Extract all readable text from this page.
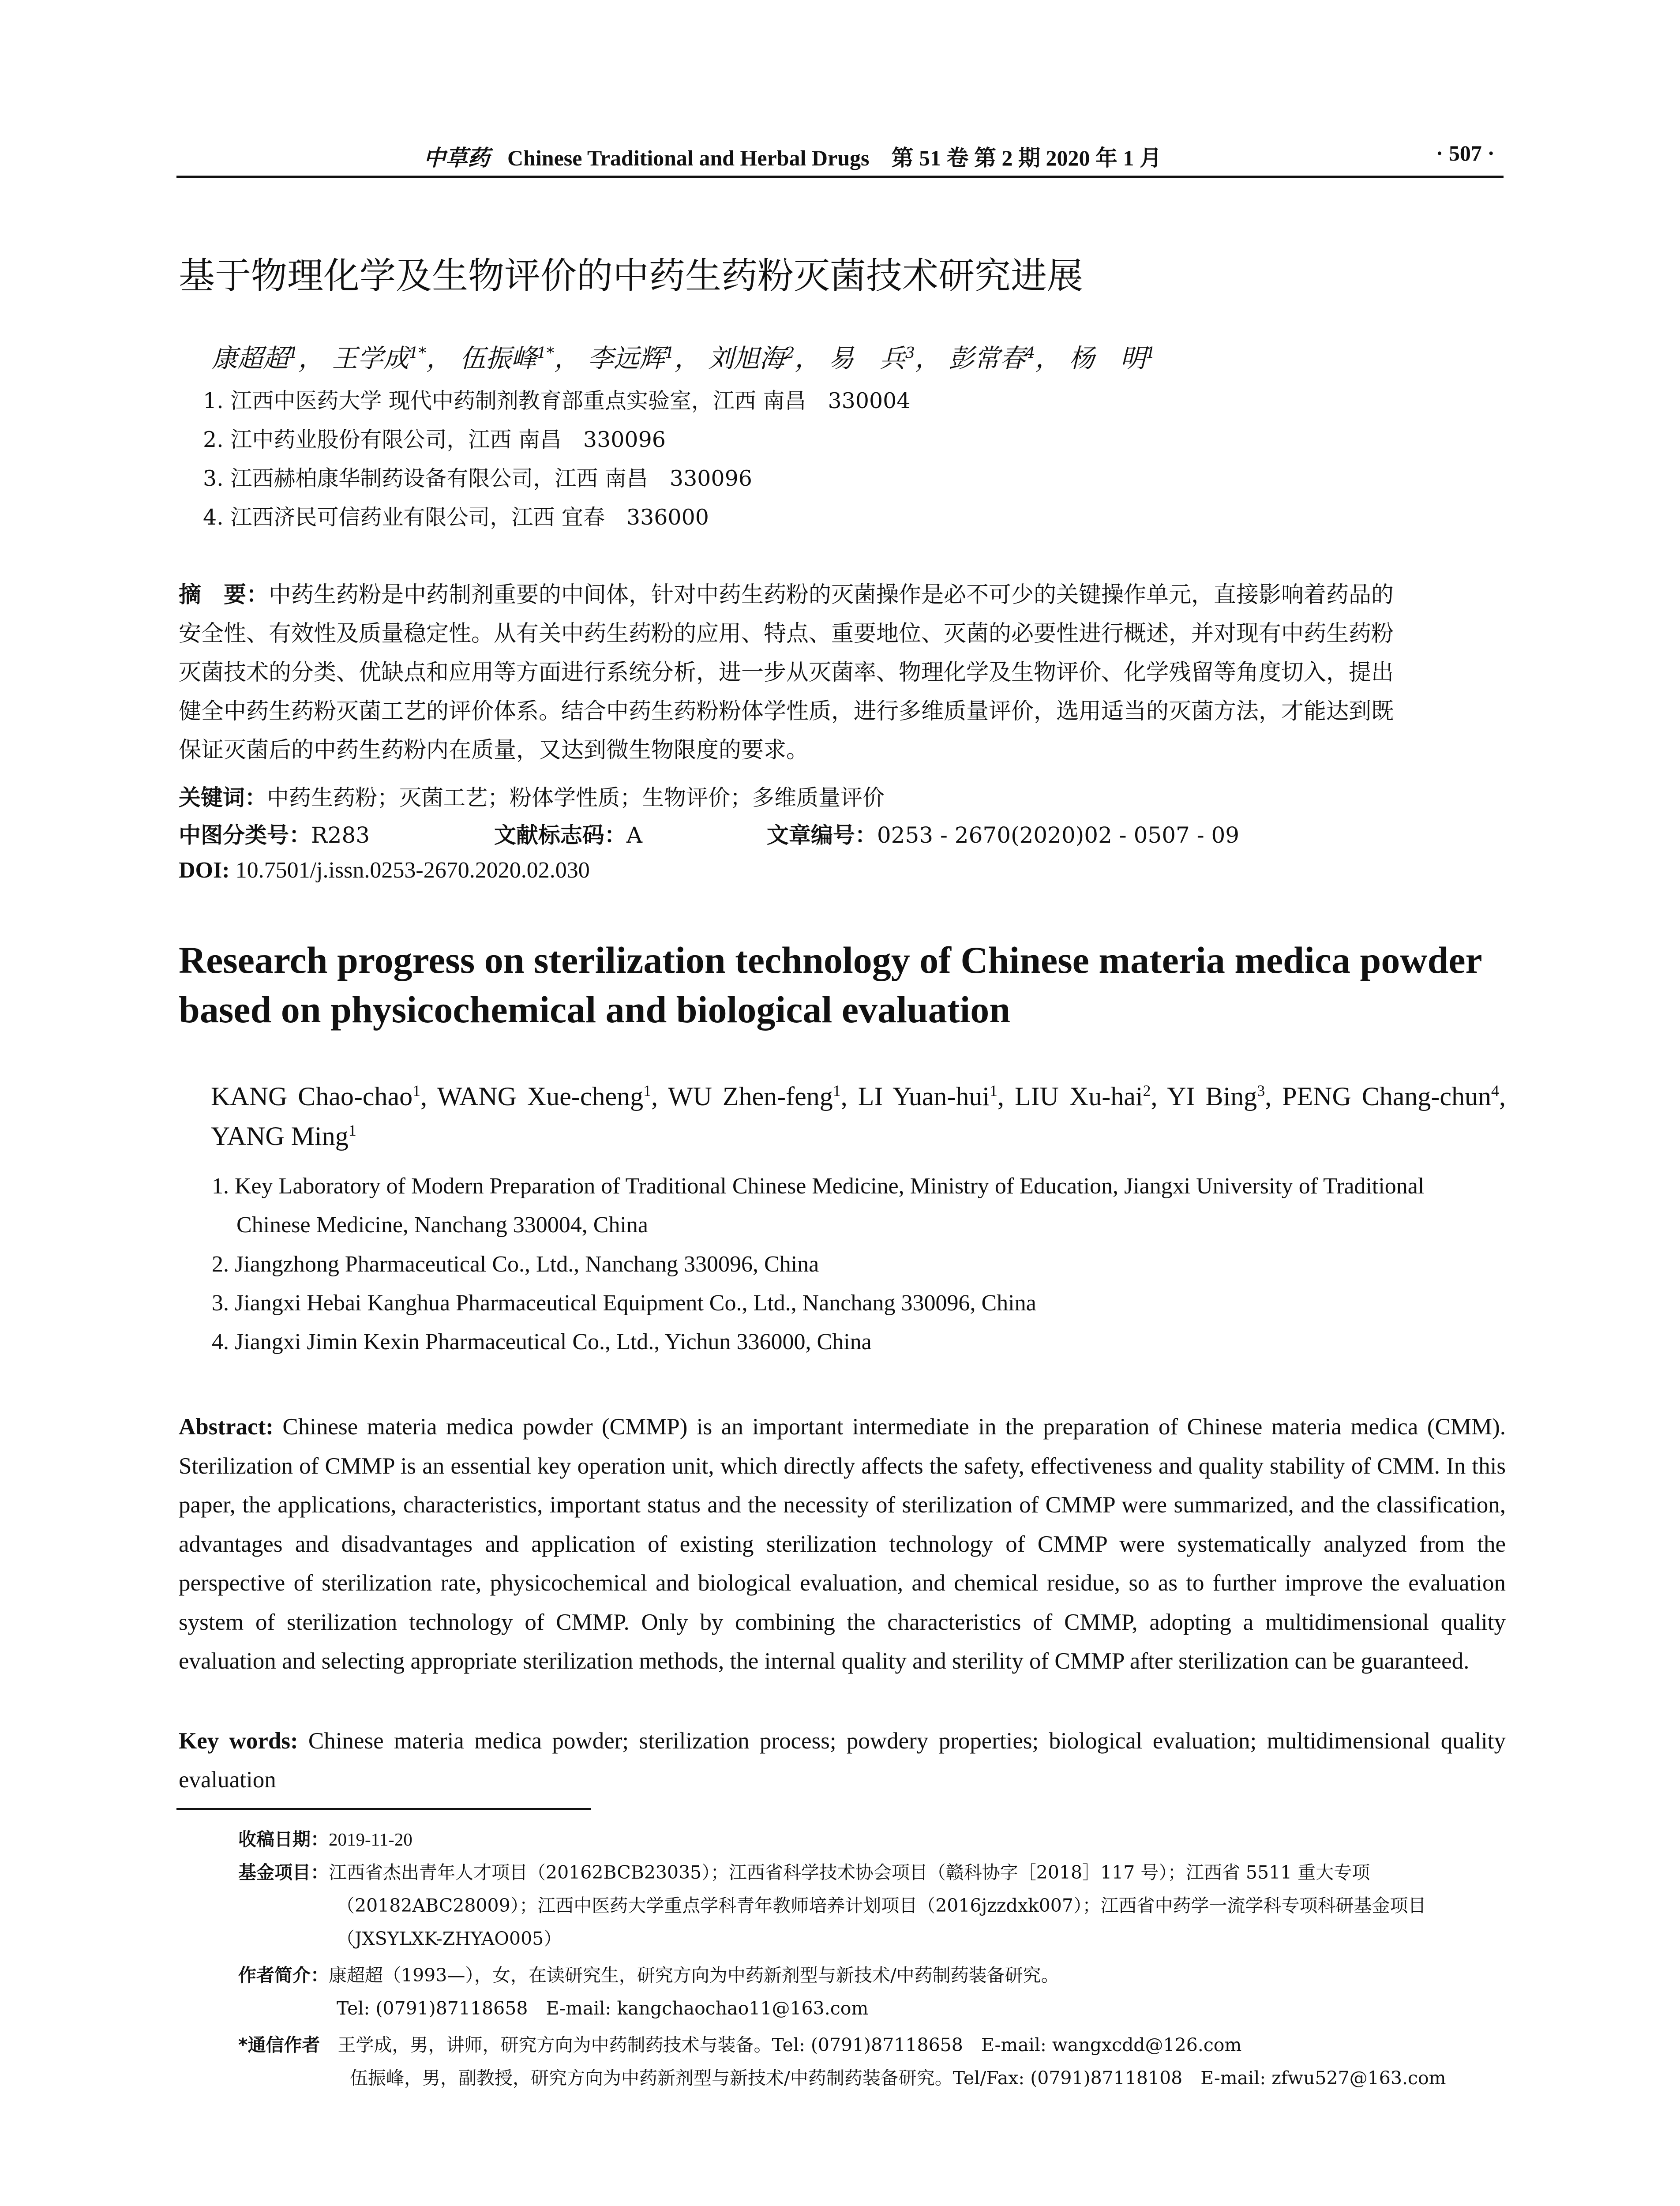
中草药 Chinese Traditional and Herbal Drugs　第 51 卷 第 2 期 2020 年 1 月	· 507 ·
基于物理化学及生物评价的中药生药粉灭菌技术研究进展
康超超$^1$， 王学成$^{1*}$， 伍振峰$^{1*}$， 李远辉$^1$， 刘旭海$^2$， 易　兵$^3$， 彭常春$^4$， 杨　明$^1$
1. 江西中医药大学 现代中药制剂教育部重点实验室，江西 南昌　330004
2. 江中药业股份有限公司，江西 南昌　330096
3. 江西赫柏康华制药设备有限公司，江西 南昌　330096
4. 江西济民可信药业有限公司，江西 宜春　336000
摘　要：中药生药粉是中药制剂重要的中间体，针对中药生药粉的灭菌操作是必不可少的关键操作单元，直接影响着药品的
安全性、有效性及质量稳定性。从有关中药生药粉的应用、特点、重要地位、灭菌的必要性进行概述，并对现有中药生药粉
灭菌技术的分类、优缺点和应用等方面进行系统分析，进一步从灭菌率、物理化学及生物评价、化学残留等角度切入，提出
健全中药生药粉灭菌工艺的评价体系。结合中药生药粉粉体学性质，进行多维质量评价，选用适当的灭菌方法，才能达到既
保证灭菌后的中药生药粉内在质量，又达到微生物限度的要求。
关键词：中药生药粉；灭菌工艺；粉体学性质；生物评价；多维质量评价
中图分类号：R283	文献标志码：A	文章编号：0253 - 2670(2020)02 - 0507 - 09
DOI: 10.7501/j.issn.0253-2670.2020.02.030
Research progress on sterilization technology of Chinese materia medica powder based on physicochemical and biological evaluation
KANG Chao-chao$^1$, WANG Xue-cheng$^1$, WU Zhen-feng$^1$, LI Yuan-hui$^1$, LIU Xu-hai$^2$, YI Bing$^3$, PENG Chang-chun$^4$, YANG Ming$^1$
1. Key Laboratory of Modern Preparation of Traditional Chinese Medicine, Ministry of Education, Jiangxi University of Traditional
Chinese Medicine, Nanchang 330004, China
2. Jiangzhong Pharmaceutical Co., Ltd., Nanchang 330096, China
3. Jiangxi Hebai Kanghua Pharmaceutical Equipment Co., Ltd., Nanchang 330096, China
4. Jiangxi Jimin Kexin Pharmaceutical Co., Ltd., Yichun 336000, China
Abstract: Chinese materia medica powder (CMMP) is an important intermediate in the preparation of Chinese materia medica (CMM). Sterilization of CMMP is an essential key operation unit, which directly affects the safety, effectiveness and quality stability of CMM. In this paper, the applications, characteristics, important status and the necessity of sterilization of CMMP were summarized, and the classification, advantages and disadvantages and application of existing sterilization technology of CMMP were systematically analyzed from the perspective of sterilization rate, physicochemical and biological evaluation, and chemical residue, so as to further improve the evaluation system of sterilization technology of CMMP. Only by combining the characteristics of CMMP, adopting a multidimensional quality evaluation and selecting appropriate sterilization methods, the internal quality and sterility of CMMP after sterilization can be guaranteed.
Key words: Chinese materia medica powder; sterilization process; powdery properties; biological evaluation; multidimensional quality evaluation
收稿日期：2019-11-20
基金项目：江西省杰出青年人才项目（20162BCB23035）；江西省科学技术协会项目（赣科协字［2018］117 号）；江西省 5511 重大专项
（20182ABC28009）；江西中医药大学重点学科青年教师培养计划项目（2016jzzdxk007）；江西省中药学一流学科专项科研基金项目
（JXSYLXK-ZHYAO005）
作者简介：康超超（1993—），女，在读研究生，研究方向为中药新剂型与新技术/中药制药装备研究。
Tel: (0791)87118658　E-mail: kangchaochao11@163.com
*通信作者 王学成，男，讲师，研究方向为中药制药技术与装备。Tel: (0791)87118658　E-mail: wangxcdd@126.com
伍振峰，男，副教授，研究方向为中药新剂型与新技术/中药制药装备研究。Tel/Fax: (0791)87118108　E-mail: zfwu527@163.com
